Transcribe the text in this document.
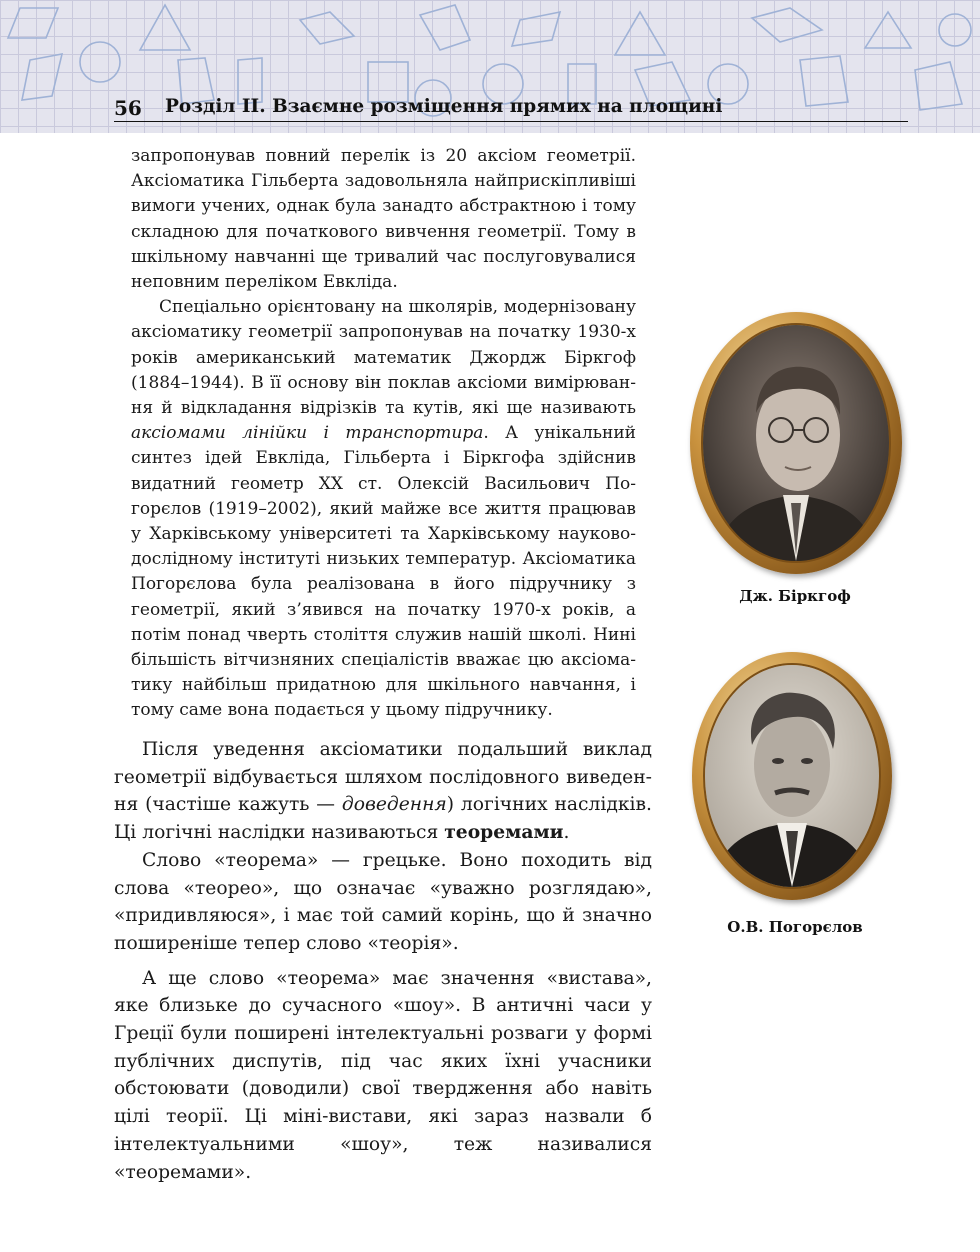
56 Розділ ІІ. Взаємне розміщення прямих на площині

запропонував повний перелік із 20 аксіом геометрії. Аксіоматика Гільберта задовольняла найприскіпливіші вимоги учених, однак була занадто абстрактною і тому складною для початкового вивчення геометрії. Тому в шкільному навчанні ще тривалий час послуговувалися неповним переліком Евкліда.

Спеціально орієнтовану на школярів, модернізовану аксіоматику геометрії запропонував на початку 1930-х років американський математик Джордж Біркгоф (1884–1944). В її основу він поклав аксіоми вимірювання й відкладання відрізків та кутів, які ще називають аксіомами лінійки і транспортира. А унікальний синтез ідей Евкліда, Гільберта і Біркгофа здійснив видатний геометр XX ст. Олексій Васильович Погорєлов (1919–2002), який майже все життя працював у Харківському університеті та Харківському науково-дослідному інституті низьких температур. Аксіоматика Погорєлова була реалізована в його підручнику з геометрії, який з’явився на початку 1970-х років, а потім понад чверть століття служив нашій школі. Нині більшість вітчизняних спеціалістів вважає цю аксіоматику найбільш придатною для шкільного навчання, і тому саме вона подається у цьому підручнику.

Після уведення аксіоматики подальший виклад геометрії відбувається шляхом послідовного виведення (частіше кажуть — доведення) логічних наслідків. Ці логічні наслідки називаються теоремами.

Слово «теорема» — грецьке. Воно походить від слова «теорео», що означає «уважно розглядаю», «придивляюся», і має той самий корінь, що й значно поширеніше тепер слово «теорія».

А ще слово «теорема» має значення «вистава», яке близьке до сучасного «шоу». В античні часи у Греції були поширені інтелектуальні розваги у формі публічних диспутів, під час яких їхні учасники обстоювати (доводили) свої твердження або навіть цілі теорії. Ці міні-вистави, які зараз назвали б інтелектуальними «шоу», теж називалися «теоремами».

Дж. Біркгоф
О.В. Погорєлов
